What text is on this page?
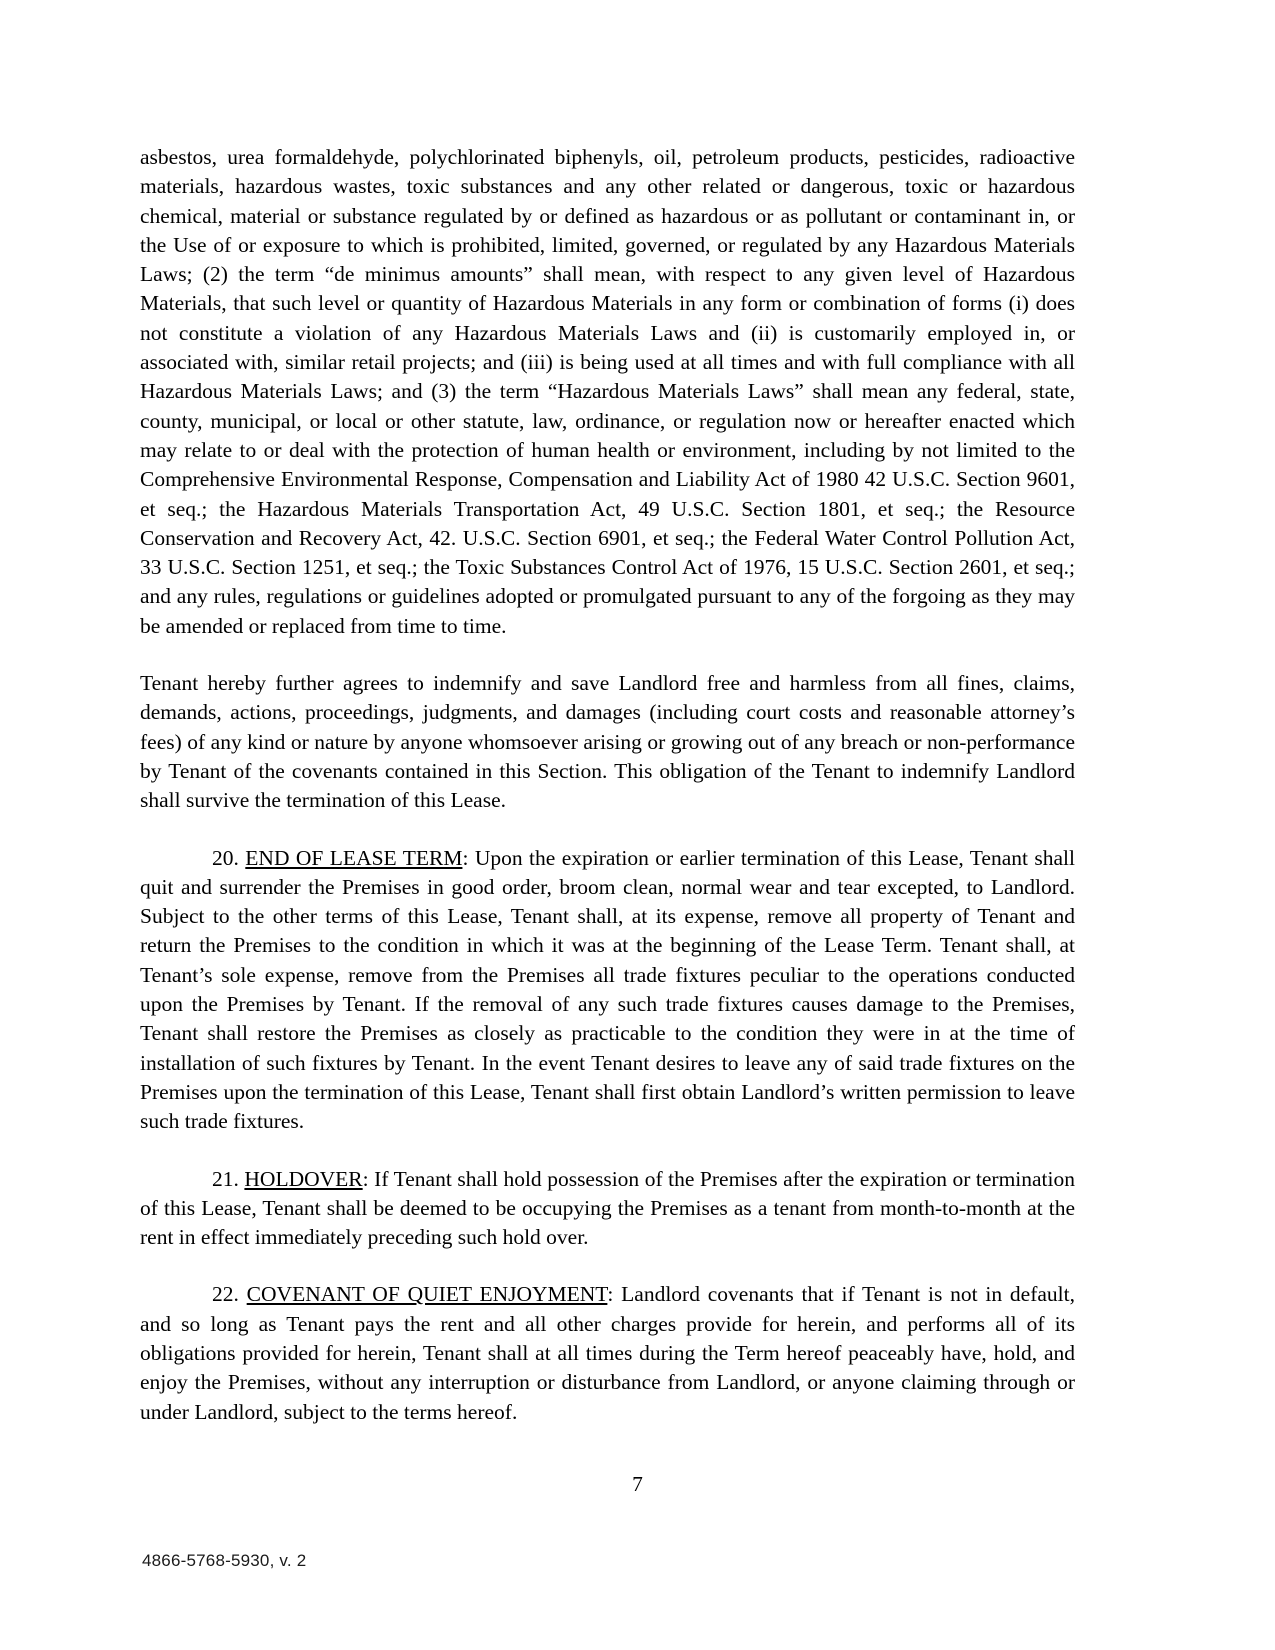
asbestos, urea formaldehyde, polychlorinated biphenyls, oil, petroleum products, pesticides, radioactive materials, hazardous wastes, toxic substances and any other related or dangerous, toxic or hazardous chemical, material or substance regulated by or defined as hazardous or as pollutant or contaminant in, or the Use of or exposure to which is prohibited, limited, governed, or regulated by any Hazardous Materials Laws; (2) the term “de minimus amounts” shall mean, with respect to any given level of Hazardous Materials, that such level or quantity of Hazardous Materials in any form or combination of forms (i) does not constitute a violation of any Hazardous Materials Laws and (ii) is customarily employed in, or associated with, similar retail projects; and (iii) is being used at all times and with full compliance with all Hazardous Materials Laws; and (3) the term “Hazardous Materials Laws” shall mean any federal, state, county, municipal, or local or other statute, law, ordinance, or regulation now or hereafter enacted which may relate to or deal with the protection of human health or environment, including by not limited to the Comprehensive Environmental Response, Compensation and Liability Act of 1980 42 U.S.C. Section 9601, et seq.; the Hazardous Materials Transportation Act, 49 U.S.C. Section 1801, et seq.; the Resource Conservation and Recovery Act, 42. U.S.C. Section 6901, et seq.; the Federal Water Control Pollution Act, 33 U.S.C. Section 1251, et seq.; the Toxic Substances Control Act of 1976, 15 U.S.C. Section 2601, et seq.; and any rules, regulations or guidelines adopted or promulgated pursuant to any of the forgoing as they may be amended or replaced from time to time.

Tenant hereby further agrees to indemnify and save Landlord free and harmless from all fines, claims, demands, actions, proceedings, judgments, and damages (including court costs and reasonable attorney’s fees) of any kind or nature by anyone whomsoever arising or growing out of any breach or non-performance by Tenant of the covenants contained in this Section. This obligation of the Tenant to indemnify Landlord shall survive the termination of this Lease.

20. END OF LEASE TERM: Upon the expiration or earlier termination of this Lease, Tenant shall quit and surrender the Premises in good order, broom clean, normal wear and tear excepted, to Landlord. Subject to the other terms of this Lease, Tenant shall, at its expense, remove all property of Tenant and return the Premises to the condition in which it was at the beginning of the Lease Term. Tenant shall, at Tenant’s sole expense, remove from the Premises all trade fixtures peculiar to the operations conducted upon the Premises by Tenant. If the removal of any such trade fixtures causes damage to the Premises, Tenant shall restore the Premises as closely as practicable to the condition they were in at the time of installation of such fixtures by Tenant. In the event Tenant desires to leave any of said trade fixtures on the Premises upon the termination of this Lease, Tenant shall first obtain Landlord’s written permission to leave such trade fixtures.

21. HOLDOVER: If Tenant shall hold possession of the Premises after the expiration or termination of this Lease, Tenant shall be deemed to be occupying the Premises as a tenant from month-to-month at the rent in effect immediately preceding such hold over.

22. COVENANT OF QUIET ENJOYMENT: Landlord covenants that if Tenant is not in default, and so long as Tenant pays the rent and all other charges provide for herein, and performs all of its obligations provided for herein, Tenant shall at all times during the Term hereof peaceably have, hold, and enjoy the Premises, without any interruption or disturbance from Landlord, or anyone claiming through or under Landlord, subject to the terms hereof.

7
4866-5768-5930, v. 2
